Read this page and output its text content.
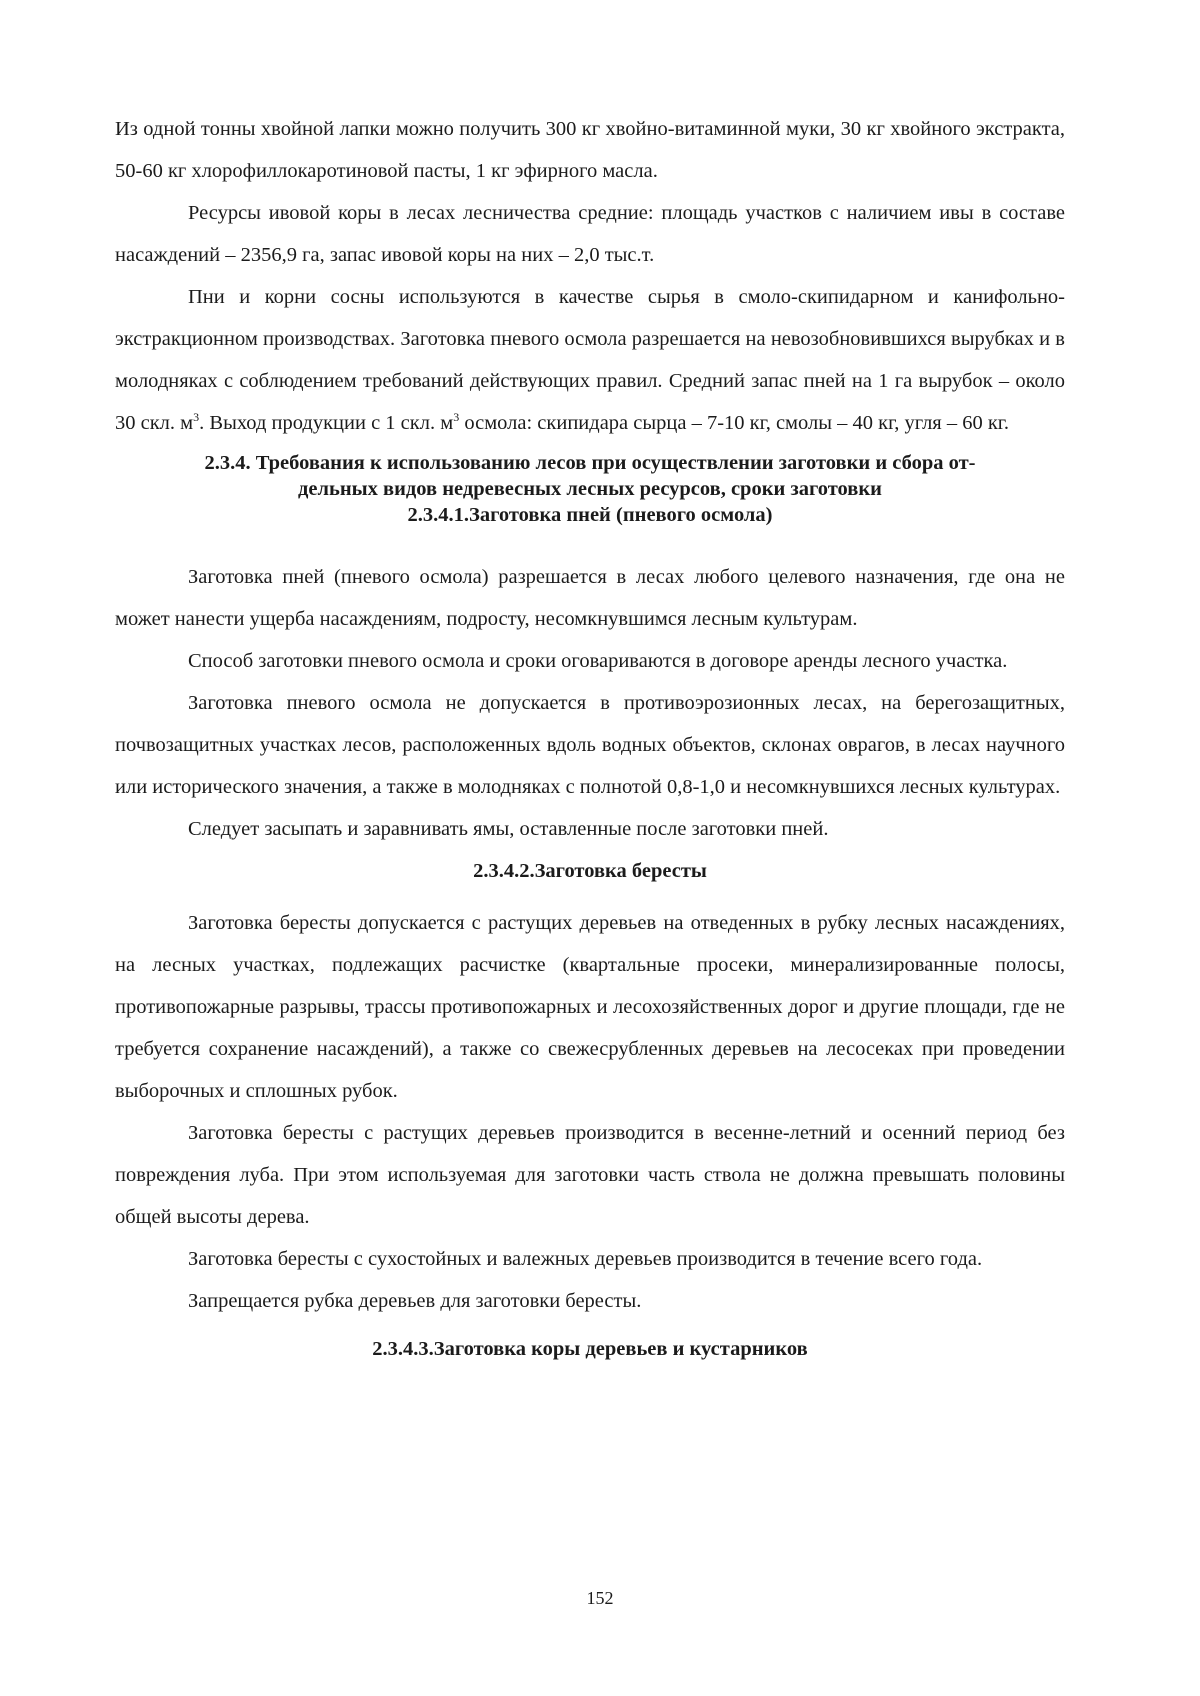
Из одной тонны хвойной лапки можно получить 300 кг хвойно-витаминной муки, 30 кг хвойного экстракта, 50-60 кг хлорофиллокаротиновой пасты, 1 кг эфирного масла.

Ресурсы ивовой коры в лесах лесничества средние: площадь участков с наличием ивы в составе насаждений – 2356,9 га, запас ивовой коры на них – 2,0 тыс.т.

Пни и корни сосны используются в качестве сырья в смоло-скипидарном и канифольно-экстракционном производствах. Заготовка пневого осмола разрешается на невозобновившихся вырубках и в молодняках с соблюдением требований действующих правил. Средний запас пней на 1 га вырубок – около 30 скл. $м^3$. Выход продукции с 1 скл. $м^3$ осмола: скипидара сырца – 7-10 кг, смолы – 40 кг, угля – 60 кг.

2.3.4. Требования к использованию лесов при осуществлении заготовки и сбора от-
дельных видов недревесных лесных ресурсов, сроки заготовки
2.3.4.1.Заготовка пней (пневого осмола)

Заготовка пней (пневого осмола) разрешается в лесах любого целевого назначения, где она не может нанести ущерба насаждениям, подросту, несомкнувшимся лесным культурам.

Способ заготовки пневого осмола и сроки оговариваются в договоре аренды лесного участка.

Заготовка пневого осмола не допускается в противоэрозионных лесах, на берегозащитных, почвозащитных участках лесов, расположенных вдоль водных объектов, склонах оврагов, в лесах научного или исторического значения, а также в молодняках с полнотой 0,8-1,0 и несомкнувшихся лесных культурах.

Следует засыпать и заравнивать ямы, оставленные после заготовки пней.

2.3.4.2.Заготовка бересты

Заготовка бересты допускается с растущих деревьев на отведенных в рубку лесных насаждениях, на лесных участках, подлежащих расчистке (квартальные просеки, минерализированные полосы, противопожарные разрывы, трассы противопожарных и лесохозяйственных дорог и другие площади, где не требуется сохранение насаждений), а также со свежесрубленных деревьев на лесосеках при проведении выборочных и сплошных рубок.

Заготовка бересты с растущих деревьев производится в весенне-летний и осенний период без повреждения луба. При этом используемая для заготовки часть ствола не должна превышать половины общей высоты дерева.

Заготовка бересты с сухостойных и валежных деревьев производится в течение всего года.

Запрещается рубка деревьев для заготовки бересты.

2.3.4.3.Заготовка коры деревьев и кустарников
152
